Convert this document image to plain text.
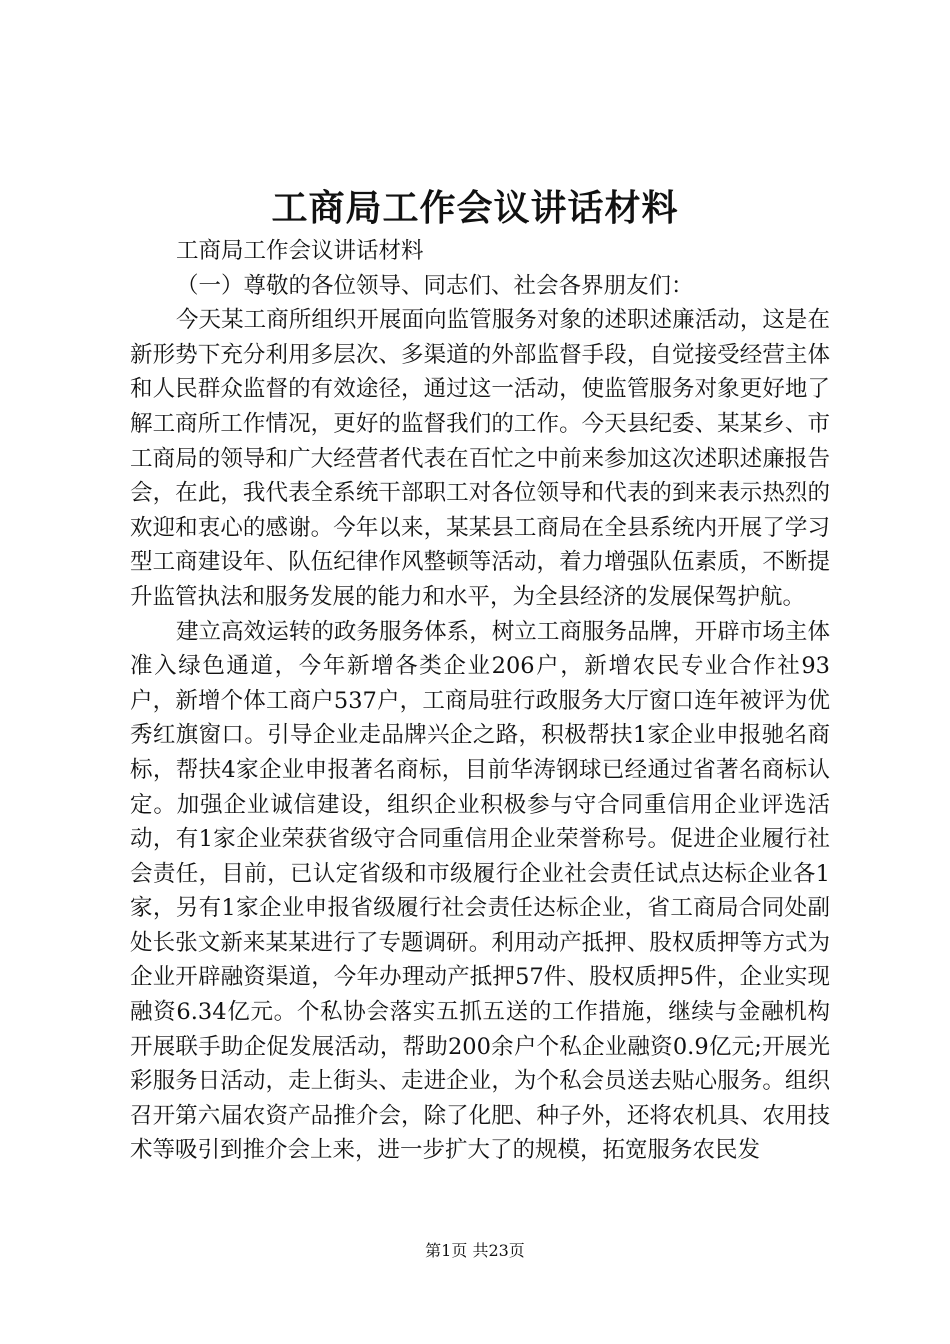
工商局工作会议讲话材料
工商局工作会议讲话材料
（一）尊敬的各位领导、同志们、社会各界朋友们：

今天某工商所组织开展面向监管服务对象的述职述廉活动，这是在新形势下充分利用多层次、多渠道的外部监督手段，自觉接受经营主体和人民群众监督的有效途径，通过这一活动，使监管服务对象更好地了解工商所工作情况，更好的监督我们的工作。今天县纪委、某某乡、市工商局的领导和广大经营者代表在百忙之中前来参加这次述职述廉报告会，在此，我代表全系统干部职工对各位领导和代表的到来表示热烈的欢迎和衷心的感谢。今年以来，某某县工商局在全县系统内开展了学习型工商建设年、队伍纪律作风整顿等活动，着力增强队伍素质，不断提升监管执法和服务发展的能力和水平，为全县经济的发展保驾护航。

建立高效运转的政务服务体系，树立工商服务品牌，开辟市场主体准入绿色通道，今年新增各类企业206户，新增农民专业合作社93户，新增个体工商户537户，工商局驻行政服务大厅窗口连年被评为优秀红旗窗口。引导企业走品牌兴企之路，积极帮扶1家企业申报驰名商标，帮扶4家企业申报著名商标，目前华涛钢球已经通过省著名商标认定。加强企业诚信建设，组织企业积极参与守合同重信用企业评选活动，有1家企业荣获省级守合同重信用企业荣誉称号。促进企业履行社会责任，目前，已认定省级和市级履行企业社会责任试点达标企业各1家，另有1家企业申报省级履行社会责任达标企业，省工商局合同处副处长张文新来某某进行了专题调研。利用动产抵押、股权质押等方式为企业开辟融资渠道，今年办理动产抵押57件、股权质押5件，企业实现融资6.34亿元。个私协会落实五抓五送的工作措施，继续与金融机构开展联手助企促发展活动，帮助200余户个私企业融资0.9亿元;开展光彩服务日活动，走上街头、走进企业，为个私会员送去贴心服务。组织召开第六届农资产品推介会，除了化肥、种子外，还将农机具、农用技术等吸引到推介会上来，进一步扩大了的规模，拓宽服务农民发

第1页 共23页
